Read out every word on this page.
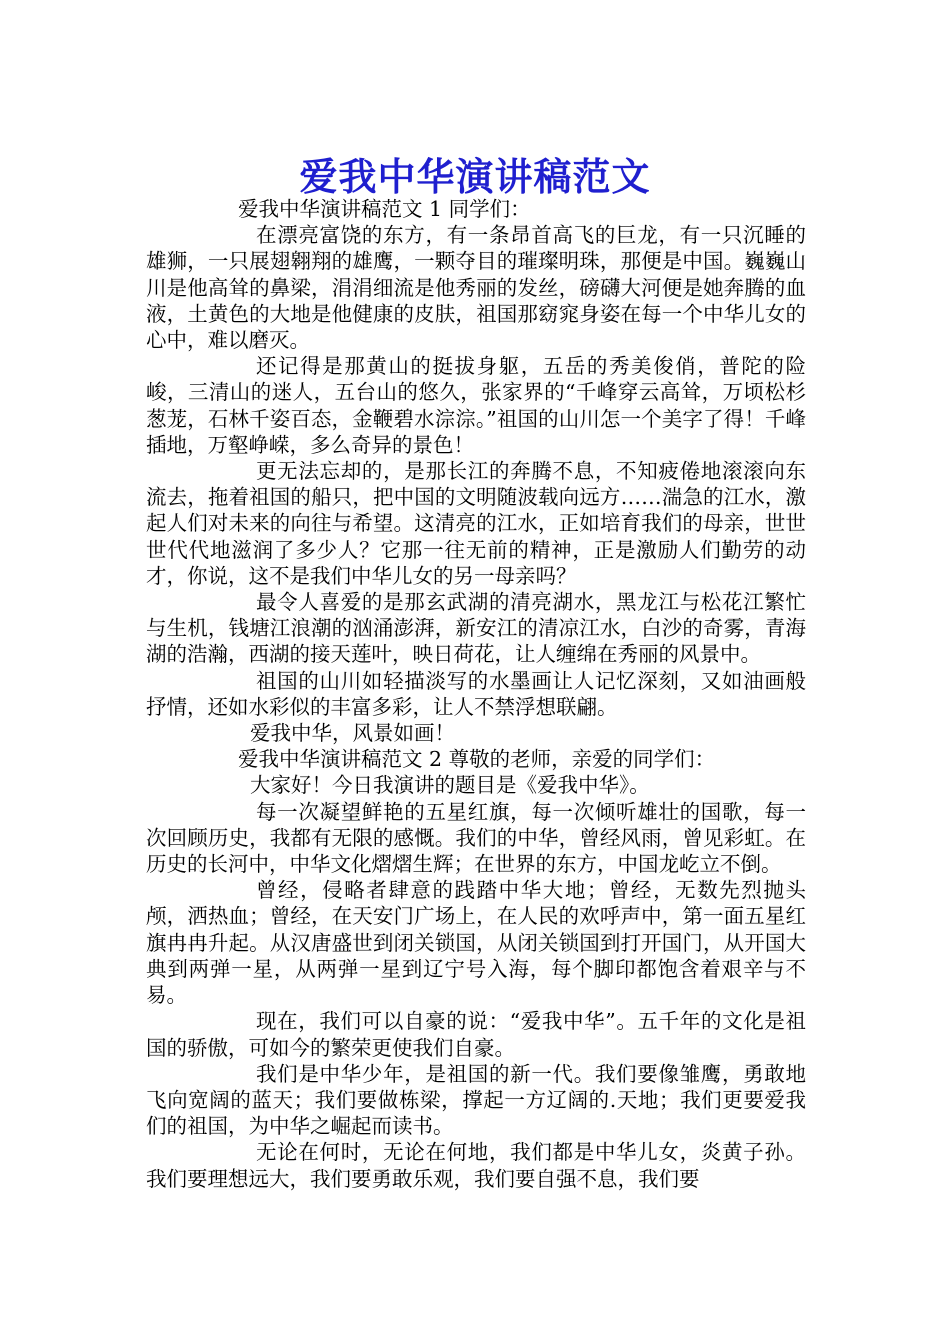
爱我中华演讲稿范文

爱我中华演讲稿范文 1 同学们：

在漂亮富饶的东方，有一条昂首高飞的巨龙，有一只沉睡的雄狮，一只展翅翱翔的雄鹰，一颗夺目的璀璨明珠，那便是中国。巍巍山川是他高耸的鼻梁，涓涓细流是他秀丽的发丝，磅礴大河便是她奔腾的血液，土黄色的大地是他健康的皮肤，祖国那窈窕身姿在每一个中华儿女的心中，难以磨灭。

还记得是那黄山的挺拔身躯，五岳的秀美俊俏，普陀的险峻，三清山的迷人，五台山的悠久，张家界的“千峰穿云高耸，万顷松杉葱茏，石林千姿百态，金鞭碧水淙淙。”祖国的山川怎一个美字了得！千峰插地，万壑峥嵘，多么奇异的景色！

更无法忘却的，是那长江的奔腾不息，不知疲倦地滚滚向东流去，拖着祖国的船只，把中国的文明随波载向远方……湍急的江水，激起人们对未来的向往与希望。这清亮的江水，正如培育我们的母亲，世世世代代地滋润了多少人？它那一往无前的精神，正是激励人们勤劳的动才，你说，这不是我们中华儿女的另一母亲吗？

最令人喜爱的是那玄武湖的清亮湖水，黑龙江与松花江繁忙与生机，钱塘江浪潮的汹涌澎湃，新安江的清凉江水，白沙的奇雾，青海湖的浩瀚，西湖的接天莲叶，映日荷花，让人缠绵在秀丽的风景中。

祖国的山川如轻描淡写的水墨画让人记忆深刻，又如油画般抒情，还如水彩似的丰富多彩，让人不禁浮想联翩。

爱我中华，风景如画！

爱我中华演讲稿范文 2 尊敬的老师，亲爱的同学们：

大家好！今日我演讲的题目是《爱我中华》。

每一次凝望鲜艳的五星红旗，每一次倾听雄壮的国歌，每一次回顾历史，我都有无限的感慨。我们的中华，曾经风雨，曾见彩虹。在历史的长河中，中华文化熠熠生辉；在世界的东方，中国龙屹立不倒。

曾经，侵略者肆意的践踏中华大地；曾经，无数先烈抛头颅，洒热血；曾经，在天安门广场上，在人民的欢呼声中，第一面五星红旗冉冉升起。从汉唐盛世到闭关锁国，从闭关锁国到打开国门，从开国大典到两弹一星，从两弹一星到辽宁号入海，每个脚印都饱含着艰辛与不易。

现在，我们可以自豪的说：“爱我中华”。五千年的文化是祖国的骄傲，可如今的繁荣更使我们自豪。

我们是中华少年，是祖国的新一代。我们要像雏鹰，勇敢地飞向宽阔的蓝天；我们要做栋梁，撑起一方辽阔的.天地；我们更要爱我们的祖国，为中华之崛起而读书。

无论在何时，无论在何地，我们都是中华儿女，炎黄子孙。我们要理想远大，我们要勇敢乐观，我们要自强不息，我们要
